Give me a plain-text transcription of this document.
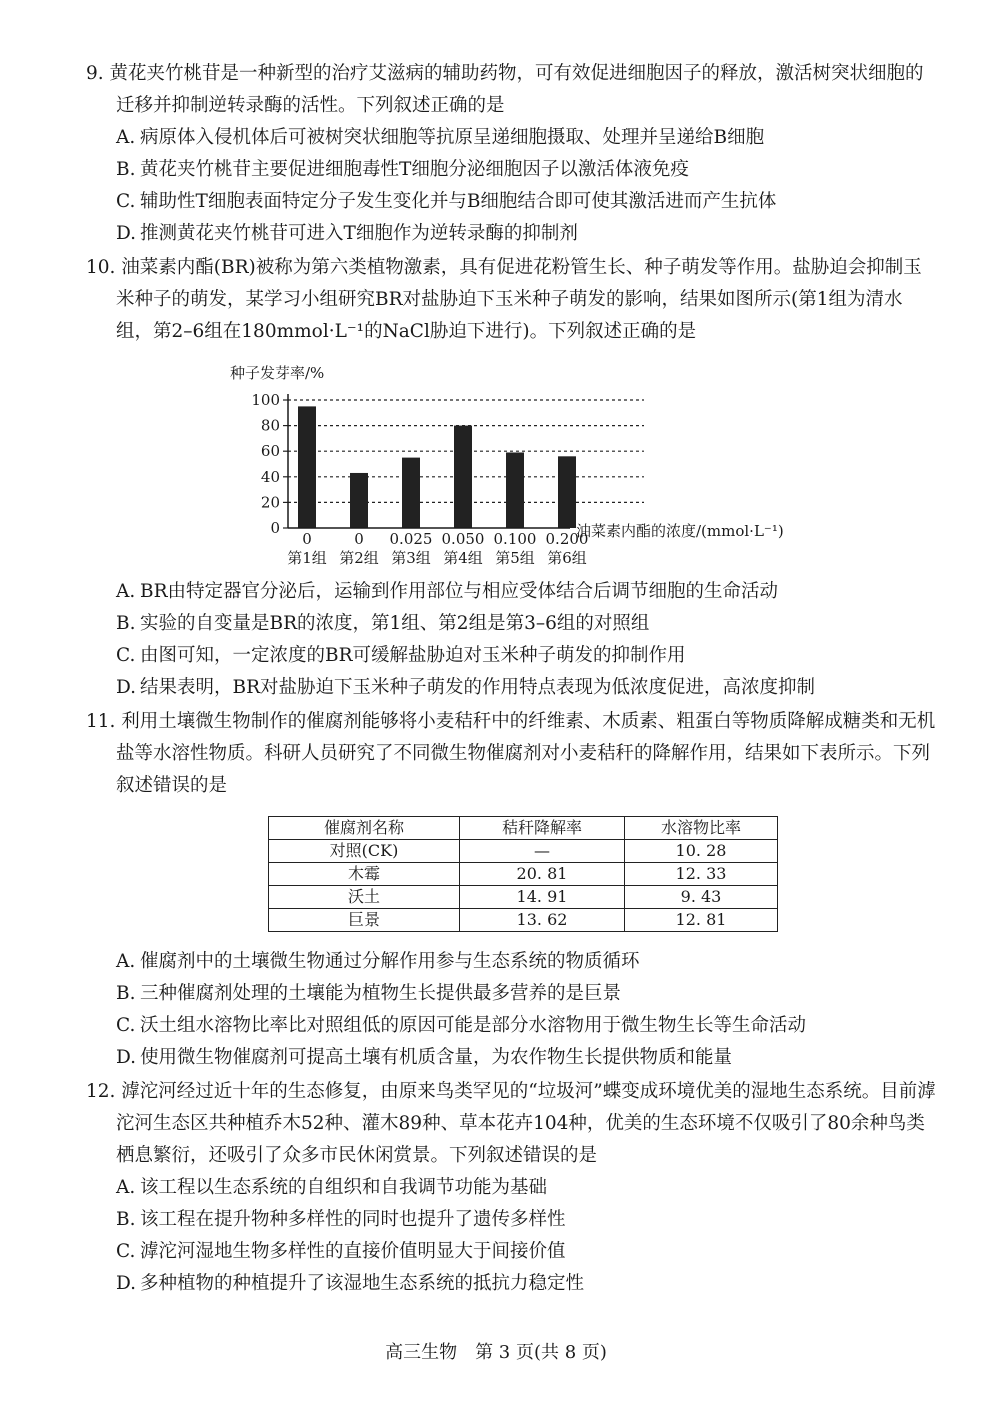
9. 黄花夹竹桃苷是一种新型的治疗艾滋病的辅助药物，可有效促进细胞因子的释放，激活树突状细胞的迁移并抑制逆转录酶的活性。下列叙述正确的是

A. 病原体入侵机体后可被树突状细胞等抗原呈递细胞摄取、处理并呈递给B细胞

B. 黄花夹竹桃苷主要促进细胞毒性T细胞分泌细胞因子以激活体液免疫

C. 辅助性T细胞表面特定分子发生变化并与B细胞结合即可使其激活进而产生抗体

D. 推测黄花夹竹桃苷可进入T细胞作为逆转录酶的抑制剂

10. 油菜素内酯(BR)被称为第六类植物激素，具有促进花粉管生长、种子萌发等作用。盐胁迫会抑制玉米种子的萌发，某学习小组研究BR对盐胁迫下玉米种子萌发的影响，结果如图所示(第1组为清水组，第2–6组在180mmol·L⁻¹的NaCl胁迫下进行)。下列叙述正确的是

种子发芽率/%
0
20
40
60
80
100
0
第1组
0
第2组
0.025
第3组
0.050
第4组
0.100
第5组
0.200
第6组
油菜素内酯的浓度/(mmol·L⁻¹)

A. BR由特定器官分泌后，运输到作用部位与相应受体结合后调节细胞的生命活动

B. 实验的自变量是BR的浓度，第1组、第2组是第3–6组的对照组

C. 由图可知，一定浓度的BR可缓解盐胁迫对玉米种子萌发的抑制作用

D. 结果表明，BR对盐胁迫下玉米种子萌发的作用特点表现为低浓度促进，高浓度抑制

11. 利用土壤微生物制作的催腐剂能够将小麦秸秆中的纤维素、木质素、粗蛋白等物质降解成糖类和无机盐等水溶性物质。科研人员研究了不同微生物催腐剂对小麦秸秆的降解作用，结果如下表所示。下列叙述错误的是

催腐剂名称	秸秆降解率	水溶物比率
对照(CK)	—	10. 28
木霉	20. 81	12. 33
沃土	14. 91	9. 43
巨景	13. 62	12. 81

A. 催腐剂中的土壤微生物通过分解作用参与生态系统的物质循环

B. 三种催腐剂处理的土壤能为植物生长提供最多营养的是巨景

C. 沃土组水溶物比率比对照组低的原因可能是部分水溶物用于微生物生长等生命活动

D. 使用微生物催腐剂可提高土壤有机质含量，为农作物生长提供物质和能量

12. 滹沱河经过近十年的生态修复，由原来鸟类罕见的“垃圾河”蝶变成环境优美的湿地生态系统。目前滹沱河生态区共种植乔木52种、灌木89种、草本花卉104种，优美的生态环境不仅吸引了80余种鸟类栖息繁衍，还吸引了众多市民休闲赏景。下列叙述错误的是

A. 该工程以生态系统的自组织和自我调节功能为基础

B. 该工程在提升物种多样性的同时也提升了遗传多样性

C. 滹沱河湿地生物多样性的直接价值明显大于间接价值

D. 多种植物的种植提升了该湿地生态系统的抵抗力稳定性

高三生物　第 3 页(共 8 页)
